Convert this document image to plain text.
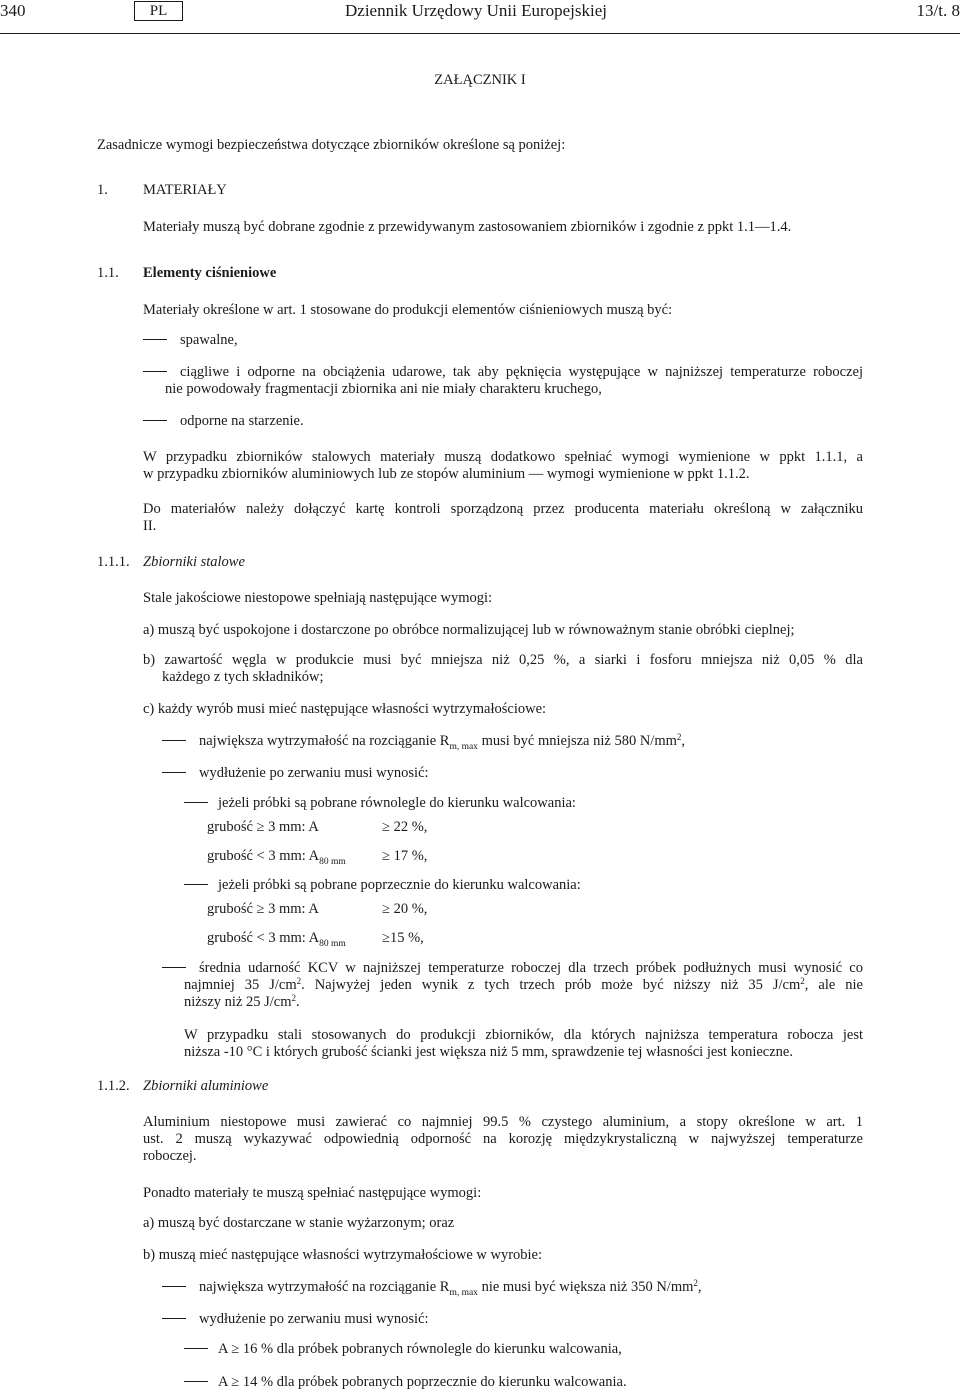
340	PL	Dziennik Urzędowy Unii Europejskiej	13/t. 8
ZAŁĄCZNIK I
Zasadnicze wymogi bezpieczeństwa dotyczące zbiorników określone są poniżej:
1. MATERIAŁY
Materiały muszą być dobrane zgodnie z przewidywanym zastosowaniem zbiorników i zgodnie z ppkt 1.1—1.4.
1.1. Elementy ciśnieniowe
Materiały określone w art. 1 stosowane do produkcji elementów ciśnieniowych muszą być:
spawalne,
ciągliwe i odporne na obciążenia udarowe, tak aby pęknięcia występujące w najniższej temperaturze roboczej
nie powodowały fragmentacji zbiornika ani nie miały charakteru kruchego,
odporne na starzenie.
W przypadku zbiorników stalowych materiały muszą dodatkowo spełniać wymogi wymienione w ppkt 1.1.1, a
w przypadku zbiorników aluminiowych lub ze stopów aluminium — wymogi wymienione w ppkt 1.1.2.
Do materiałów należy dołączyć kartę kontroli sporządzoną przez producenta materiału określoną w załączniku
II.
1.1.1. Zbiorniki stalowe
Stale jakościowe niestopowe spełniają następujące wymogi:
a) muszą być uspokojone i dostarczone po obróbce normalizującej lub w równoważnym stanie obróbki cieplnej;
b) zawartość węgla w produkcie musi być mniejsza niż 0,25 %, a siarki i fosforu mniejsza niż 0,05 % dla
każdego z tych składników;
c) każdy wyrób musi mieć następujące własności wytrzymałościowe:
największa wytrzymałość na rozciąganie $R_{m, max}$ musi być mniejsza niż 580 $N/mm^2$,
wydłużenie po zerwaniu musi wynosić:
jeżeli próbki są pobrane równolegle do kierunku walcowania:
grubość ≥ 3 mm: A	≥ 22 %,
grubość < 3 mm: $A_{80 mm}$	≥ 17 %,
jeżeli próbki są pobrane poprzecznie do kierunku walcowania:
grubość ≥ 3 mm: A	≥ 20 %,
grubość < 3 mm: $A_{80 mm}$	≥15 %,
średnia udarność KCV w najniższej temperaturze roboczej dla trzech próbek podłużnych musi wynosić co
najmniej 35 $J/cm^2$. Najwyżej jeden wynik z tych trzech prób może być niższy niż 35 $J/cm^2$, ale nie
niższy niż 25 $J/cm^2$.
W przypadku stali stosowanych do produkcji zbiorników, dla których najniższa temperatura robocza jest
niższa -10 °C i których grubość ścianki jest większa niż 5 mm, sprawdzenie tej własności jest konieczne.
1.1.2. Zbiorniki aluminiowe
Aluminium niestopowe musi zawierać co najmniej 99.5 % czystego aluminium, a stopy określone w art. 1
ust. 2 muszą wykazywać odpowiednią odporność na korozję międzykrystaliczną w najwyższej temperaturze
roboczej.
Ponadto materiały te muszą spełniać następujące wymogi:
a) muszą być dostarczane w stanie wyżarzonym; oraz
b) muszą mieć następujące własności wytrzymałościowe w wyrobie:
największa wytrzymałość na rozciąganie $R_{m, max}$ nie musi być większa niż 350 $N/mm^2$,
wydłużenie po zerwaniu musi wynosić:
A ≥ 16 % dla próbek pobranych równolegle do kierunku walcowania,
A ≥ 14 % dla próbek pobranych poprzecznie do kierunku walcowania.
